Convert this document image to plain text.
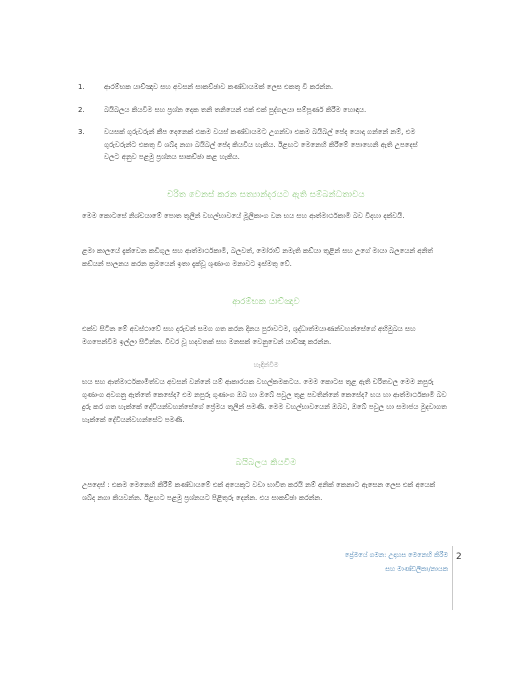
1.	ආරම්භක යාච්ඤාව සහ අවසන් සාකච්ඡාව කණ්ඩායමක් ලෙස එකතු වී කරන්න.
2.	බයිබලය කියවීම සහ ප්‍රශ්න දෙක තනි තනියෙන් එක් එක් පුද්ගලයා සම්පූර්ණ කිරීම හොඳය.
3.	වයසක් ගුරුවරුන් කීප දෙනෙක් එකම වයස් කණ්ඩායමට උගන්වා එකම බයිබල් පේද යොදා ගන්නේ නම්, එම ගුරුවරුන්ට එකතු වී ශබ්ද නගා බයිබල් පේද කියවිය හැකිය. ඊළඟට මෙනෙහි කිරීමේ පොහෙනි ඇති උපදෙස් වලට අනුව පළමු ප්‍රශ්නය සාකච්ඡා කළ හැකිය.
චරිත වෙනස් කරන සත්‍යාන්දරයට ඇති සම්බන්ධතාවය
මෙම කොටසේ නිශ්චයාමේ පොත තුලින් වහල්භාවයේ මූලිකාංග වන භය සහ ආත්මාර්ථකාමී බව විදහා දක්වයි.
ළමා කාලයේ දැක්වෙන කඩිගුල සහ ආත්මාර්ථකාමී, බලවත්, මෝරාව් නමැති කඩ්යා තුළින් සහ උගේ මායා බලයෙන් අනිත් කඩ්යන් පාලනය කරන ක්‍රමයෙන් ඉතා දැක්වූ ශුණාංග මනාවට ඉස්මතු වේ.
ආරම්භක යාච්ඤාව
එක්ව සිටින මේ අවස්ථාවේ සහ දරුවන් සමග ගත කරන දිනය පුරාවටම, ශුද්ධාත්මයාණන්වහන්සේගේ අභිමුඛය සහ මගපෙන්වීම ඉල්ලා සිටින්න. විවර වූ හදවතක් සහ මනසක් වෙනුවෙන් යාච්ඤා කරන්න.
හැඳින්වීම
භය සහ ආත්මාර්ථකාමීත්වය අවසන් වන්නේ යම් ආකාරයක වහල්කමකටය. මෙම කොටස තුළ ඇති චරිතවල මෙම නපුරු ගුණාංග අවගනු ඇත්තේ කෙසේද? එම නපුරු ගුණාංග ඔබ හා ඔබේ පවුල තුළ පවතින්නේ කෙසේද? භය හා ආත්මාර්ථකාමී බව දුරු කර ගත හැක්කේ දේවියන්වහන්සේගේ ප්‍රේමය තුලින් පමණි. මෙම වහල්භාවයෙන් ඔබව, ඔබේ පවුල හා සමාජය මුදවාගත හැක්කේ දේවියන්වහන්සේට පමණි.
බයිබලය කියවීම
උපදෙස් : එකම මෙනෙහි කිරීම් කණ්ඩායමේ එක් අයෙකුට වඩා භාවිත කරයි නම් අනික් කෙනාට ඇසෙන ලෙස එක් අයෙක් ශබ්ද නගා කියවන්න. ඊළඟට පළමු ප්‍රශ්නයට පිළිතුරු දෙන්න. එය සාකච්ඡා කරන්න.
ප්‍රේමයේ ගමන: උදාහස මෙනෙහි කිරීම
සහ මාණ්ඩලිකා/නායක
2
